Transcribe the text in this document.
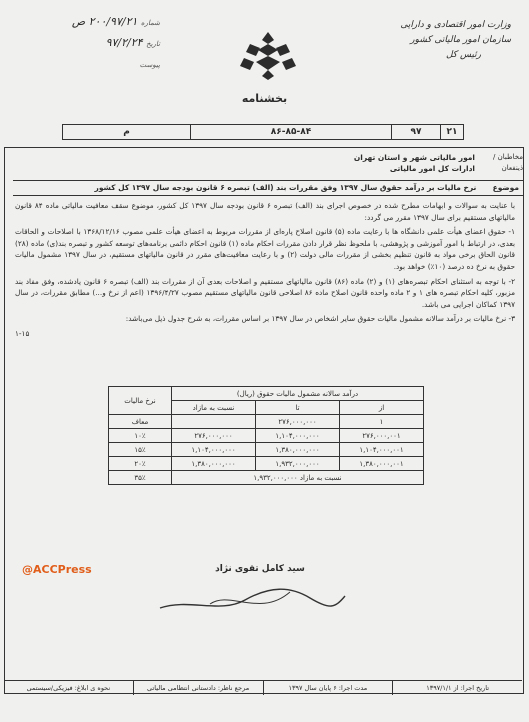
وزارت امور اقتصادی و دارایی
سازمان امور مالیاتی کشور
رئیس کل
شماره ۲۰۰/۹۷/۲۱ ص
تاریخ ۹۷/۲/۲۴
پیوست
بخشنامه
۲۱
۹۷
۸۶-۸۵-۸۴
م
مخاطبان /
ذینفعان
امور مالیاتی شهر و استان تهران
ادارات کل امور مالیاتی
موضوع نرخ مالیات بر درآمد حقوق سال ۱۳۹۷ وفق مقررات بند (الف) تبصره ۶ قانون بودجه سال ۱۳۹۷ کل کشور

با عنایت به سوالات و ابهامات مطرح شده در خصوص اجرای بند (الف) تبصره ۶ قانون بودجه سال ۱۳۹۷ کل کشور، موضوع سقف معافیت مالیاتی ماده ۸۴ قانون مالیاتهای مستقیم برای سال ۱۳۹۷ مقرر می گردد:

۱- حقوق اعضای هیأت علمی دانشگاه ها با رعایت ماده (۵) قانون اصلاح پاره‌ای از مقررات مربوط به اعضای هیأت علمی مصوب ۱۳۶۸/۱۲/۱۶ با اصلاحات و الحاقات بعدی، در ارتباط با امور آموزشی و پژوهشی، با ملحوظ نظر قرار دادن مقررات احکام ماده (۱) قانون احکام دائمی برنامه‌های توسعه کشور و تبصره بند(ی) ماده (۲۸) قانون الحاق برخی مواد به قانون تنظیم بخشی از مقررات مالی دولت (۲) و با رعایت معافیت‌های مقرر در قانون مالیاتهای مستقیم، در سال ۱۳۹۷ مشمول مالیات حقوق به نرخ ده درصد (۱۰٪) خواهد بود.

۲- با توجه به استثنای احکام تبصره‌های (۱) و (۲) ماده (۸۶) قانون مالیاتهای مستقیم و اصلاحات بعدی آن از مقررات بند (الف) تبصره ۶ قانون یادشده، وفق مفاد بند مزبور، کلیه احکام تبصره های ۱ و ۲ ماده واحده قانون اصلاح ماده ۸۶ اصلاحی قانون مالیاتهای مستقیم مصوب ۱۳۹۶/۴/۲۷ (اعم از نرخ و...) مطابق مقررات، در سال ۱۳۹۷ کماکان اجرایی می باشد.

۳- نرخ مالیات بر درآمد سالانه مشمول مالیات حقوق سایر اشخاص در سال ۱۳۹۷ بر اساس مقررات، به شرح جدول ذیل می‌باشد:

۱-۱۵

درآمد سالانه مشمول مالیات حقوق (ریال)			نرخ مالیات
از	تا	نسبت به مازاد	
۱	۲۷۶,۰۰۰,۰۰۰		معاف
۲۷۶,۰۰۰,۰۰۱	۱,۱۰۴,۰۰۰,۰۰۰	۲۷۶,۰۰۰,۰۰۰	۱۰٪
۱,۱۰۴,۰۰۰,۰۰۱	۱,۳۸۰,۰۰۰,۰۰۰	۱,۱۰۴,۰۰۰,۰۰۰	۱۵٪
۱,۳۸۰,۰۰۰,۰۰۱	۱,۹۳۲,۰۰۰,۰۰۰	۱,۳۸۰,۰۰۰,۰۰۰	۲۰٪
نسبت به مازاد ۱,۹۳۲,۰۰۰,۰۰۰			۳۵٪
سید کامل تقوی نژاد
@ACCPress
تاریخ اجرا: از ۱۳۹۷/۱/۱
مدت اجرا: ۶ پایان سال ۱۳۹۷
مرجع ناظر: دادستانی انتظامی مالیاتی
نحوه ی ابلاغ: فیزیکی/سیستمی
